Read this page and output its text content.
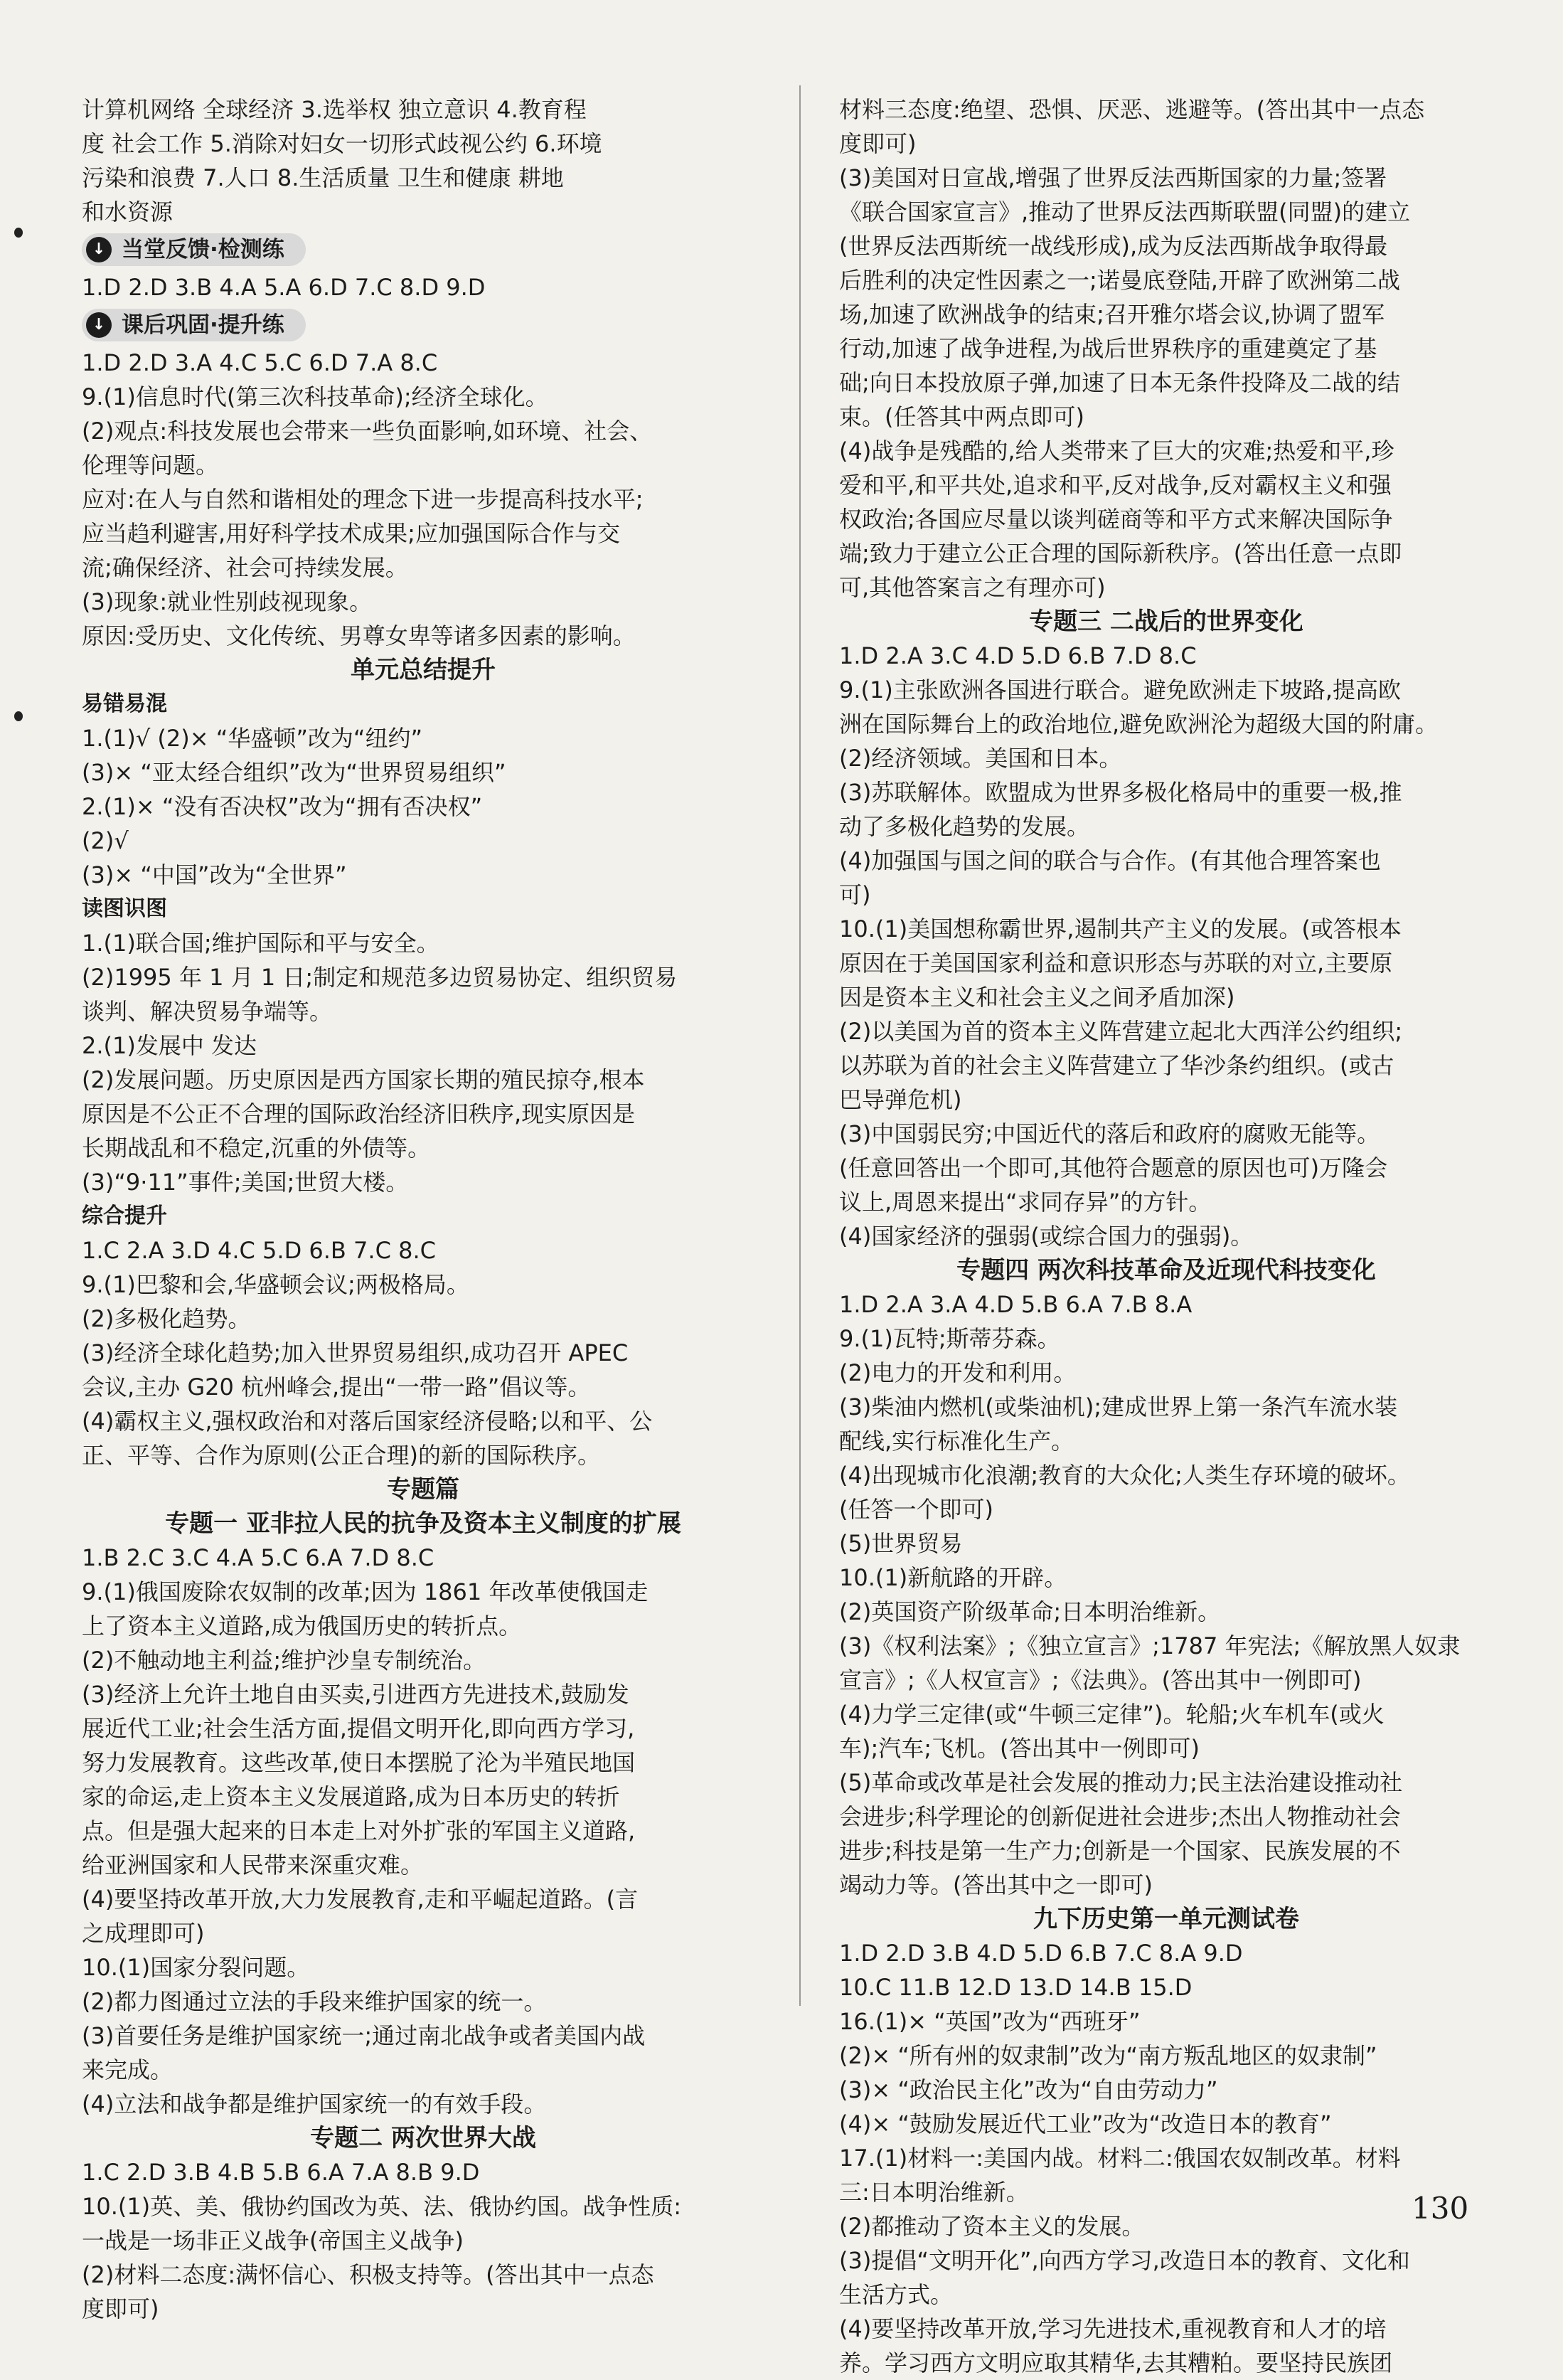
计算机网络 全球经济 3.选举权 独立意识 4.教育程
度 社会工作 5.消除对妇女一切形式歧视公约 6.环境
污染和浪费 7.人口 8.生活质量 卫生和健康 耕地
和水资源
↓ 当堂反馈·检测练
1.D 2.D 3.B 4.A 5.A 6.D 7.C 8.D 9.D
↓ 课后巩固·提升练
1.D 2.D 3.A 4.C 5.C 6.D 7.A 8.C
9.(1)信息时代(第三次科技革命);经济全球化。
(2)观点:科技发展也会带来一些负面影响,如环境、社会、
伦理等问题。
应对:在人与自然和谐相处的理念下进一步提高科技水平;
应当趋利避害,用好科学技术成果;应加强国际合作与交
流;确保经济、社会可持续发展。
(3)现象:就业性别歧视现象。
原因:受历史、文化传统、男尊女卑等诸多因素的影响。
单元总结提升
易错易混
1.(1)√ (2)× “华盛顿”改为“纽约”
(3)× “亚太经合组织”改为“世界贸易组织”
2.(1)× “没有否决权”改为“拥有否决权”
(2)√
(3)× “中国”改为“全世界”
读图识图
1.(1)联合国;维护国际和平与安全。
(2)1995 年 1 月 1 日;制定和规范多边贸易协定、组织贸易
谈判、解决贸易争端等。
2.(1)发展中 发达
(2)发展问题。历史原因是西方国家长期的殖民掠夺,根本
原因是不公正不合理的国际政治经济旧秩序,现实原因是
长期战乱和不稳定,沉重的外债等。
(3)“9·11”事件;美国;世贸大楼。
综合提升
1.C 2.A 3.D 4.C 5.D 6.B 7.C 8.C
9.(1)巴黎和会,华盛顿会议;两极格局。
(2)多极化趋势。
(3)经济全球化趋势;加入世界贸易组织,成功召开 APEC
会议,主办 G20 杭州峰会,提出“一带一路”倡议等。
(4)霸权主义,强权政治和对落后国家经济侵略;以和平、公
正、平等、合作为原则(公正合理)的新的国际秩序。
专题篇
专题一 亚非拉人民的抗争及资本主义制度的扩展
1.B 2.C 3.C 4.A 5.C 6.A 7.D 8.C
9.(1)俄国废除农奴制的改革;因为 1861 年改革使俄国走
上了资本主义道路,成为俄国历史的转折点。
(2)不触动地主利益;维护沙皇专制统治。
(3)经济上允许土地自由买卖,引进西方先进技术,鼓励发
展近代工业;社会生活方面,提倡文明开化,即向西方学习,
努力发展教育。这些改革,使日本摆脱了沦为半殖民地国
家的命运,走上资本主义发展道路,成为日本历史的转折
点。但是强大起来的日本走上对外扩张的军国主义道路,
给亚洲国家和人民带来深重灾难。
(4)要坚持改革开放,大力发展教育,走和平崛起道路。(言
之成理即可)
10.(1)国家分裂问题。
(2)都力图通过立法的手段来维护国家的统一。
(3)首要任务是维护国家统一;通过南北战争或者美国内战
来完成。
(4)立法和战争都是维护国家统一的有效手段。
专题二 两次世界大战
1.C 2.D 3.B 4.B 5.B 6.A 7.A 8.B 9.D
10.(1)英、美、俄协约国改为英、法、俄协约国。战争性质:
一战是一场非正义战争(帝国主义战争)
(2)材料二态度:满怀信心、积极支持等。(答出其中一点态
度即可)
材料三态度:绝望、恐惧、厌恶、逃避等。(答出其中一点态
度即可)
(3)美国对日宣战,增强了世界反法西斯国家的力量;签署
《联合国家宣言》,推动了世界反法西斯联盟(同盟)的建立
(世界反法西斯统一战线形成),成为反法西斯战争取得最
后胜利的决定性因素之一;诺曼底登陆,开辟了欧洲第二战
场,加速了欧洲战争的结束;召开雅尔塔会议,协调了盟军
行动,加速了战争进程,为战后世界秩序的重建奠定了基
础;向日本投放原子弹,加速了日本无条件投降及二战的结
束。(任答其中两点即可)
(4)战争是残酷的,给人类带来了巨大的灾难;热爱和平,珍
爱和平,和平共处,追求和平,反对战争,反对霸权主义和强
权政治;各国应尽量以谈判磋商等和平方式来解决国际争
端;致力于建立公正合理的国际新秩序。(答出任意一点即
可,其他答案言之有理亦可)
专题三 二战后的世界变化
1.D 2.A 3.C 4.D 5.D 6.B 7.D 8.C
9.(1)主张欧洲各国进行联合。避免欧洲走下坡路,提高欧
洲在国际舞台上的政治地位,避免欧洲沦为超级大国的附庸。
(2)经济领域。美国和日本。
(3)苏联解体。欧盟成为世界多极化格局中的重要一极,推
动了多极化趋势的发展。
(4)加强国与国之间的联合与合作。(有其他合理答案也
可)
10.(1)美国想称霸世界,遏制共产主义的发展。(或答根本
原因在于美国国家利益和意识形态与苏联的对立,主要原
因是资本主义和社会主义之间矛盾加深)
(2)以美国为首的资本主义阵营建立起北大西洋公约组织;
以苏联为首的社会主义阵营建立了华沙条约组织。(或古
巴导弹危机)
(3)中国弱民穷;中国近代的落后和政府的腐败无能等。
(任意回答出一个即可,其他符合题意的原因也可)万隆会
议上,周恩来提出“求同存异”的方针。
(4)国家经济的强弱(或综合国力的强弱)。
专题四 两次科技革命及近现代科技变化
1.D 2.A 3.A 4.D 5.B 6.A 7.B 8.A
9.(1)瓦特;斯蒂芬森。
(2)电力的开发和利用。
(3)柴油内燃机(或柴油机);建成世界上第一条汽车流水装
配线,实行标准化生产。
(4)出现城市化浪潮;教育的大众化;人类生存环境的破坏。
(任答一个即可)
(5)世界贸易
10.(1)新航路的开辟。
(2)英国资产阶级革命;日本明治维新。
(3)《权利法案》;《独立宣言》;1787 年宪法;《解放黑人奴隶
宣言》;《人权宣言》;《法典》。(答出其中一例即可)
(4)力学三定律(或“牛顿三定律”)。轮船;火车机车(或火
车);汽车;飞机。(答出其中一例即可)
(5)革命或改革是社会发展的推动力;民主法治建设推动社
会进步;科学理论的创新促进社会进步;杰出人物推动社会
进步;科技是第一生产力;创新是一个国家、民族发展的不
竭动力等。(答出其中之一即可)
九下历史第一单元测试卷
1.D 2.D 3.B 4.D 5.D 6.B 7.C 8.A 9.D
10.C 11.B 12.D 13.D 14.B 15.D
16.(1)× “英国”改为“西班牙”
(2)× “所有州的奴隶制”改为“南方叛乱地区的奴隶制”
(3)× “政治民主化”改为“自由劳动力”
(4)× “鼓励发展近代工业”改为“改造日本的教育”
17.(1)材料一:美国内战。材料二:俄国农奴制改革。材料
三:日本明治维新。
(2)都推动了资本主义的发展。
(3)提倡“文明开化”,向西方学习,改造日本的教育、文化和
生活方式。
(4)要坚持改革开放,学习先进技术,重视教育和人才的培
养。学习西方文明应取其精华,去其糟粕。要坚持民族团
130
